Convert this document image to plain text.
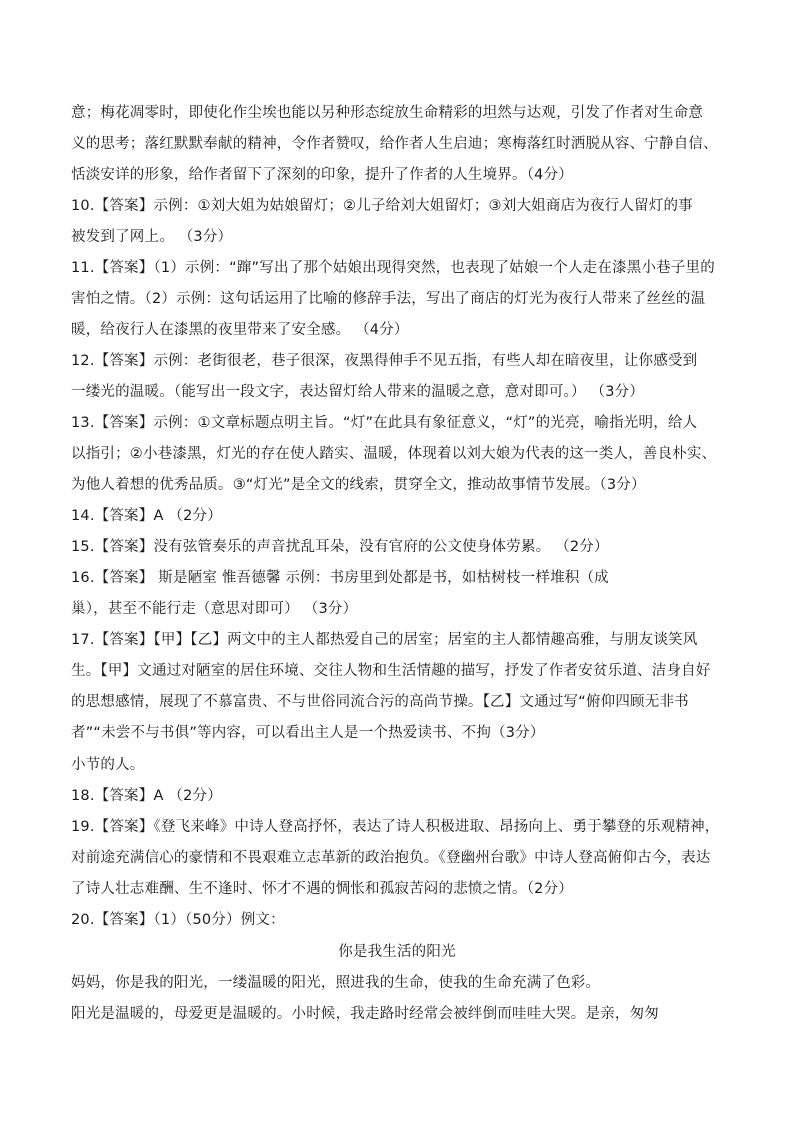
意；梅花凋零时，即使化作尘埃也能以另种形态绽放生命精彩的坦然与达观，引发了作者对生命意
义的思考；落红默默奉献的精神，令作者赞叹，给作者人生启迪；寒梅落红时洒脱从容、宁静自信、
恬淡安详的形象，给作者留下了深刻的印象，提升了作者的人生境界。（4分）
10.【答案】示例：①刘大姐为姑娘留灯；②儿子给刘大姐留灯；③刘大姐商店为夜行人留灯的事
被发到了网上。 （3分）
11.【答案】（1）示例：“蹿”写出了那个姑娘出现得突然，也表现了姑娘一个人走在漆黑小巷子里的
害怕之情。（2）示例：这句话运用了比喻的修辞手法，写出了商店的灯光为夜行人带来了丝丝的温
暖，给夜行人在漆黑的夜里带来了安全感。 （4分）
12.【答案】示例：老街很老，巷子很深，夜黑得伸手不见五指，有些人却在暗夜里，让你感受到
一缕光的温暖。（能写出一段文字，表达留灯给人带来的温暖之意，意对即可。） （3分）
13.【答案】示例：①文章标题点明主旨。“灯”在此具有象征意义，“灯”的光亮，喻指光明，给人
以指引；②小巷漆黑，灯光的存在使人踏实、温暖，体现着以刘大娘为代表的这一类人，善良朴实、
为他人着想的优秀品质。③“灯光”是全文的线索，贯穿全文，推动故事情节发展。（3分）
14.【答案】A （2分）
15.【答案】没有弦管奏乐的声音扰乱耳朵，没有官府的公文使身体劳累。 （2分）
16.【答案】 斯是陋室 惟吾德馨 示例：书房里到处都是书，如枯树枝一样堆积（成
巢），甚至不能行走（意思对即可） （3分）
17.【答案】【甲】【乙】两文中的主人都热爱自己的居室；居室的主人都情趣高雅，与朋友谈笑风
生。【甲】文通过对陋室的居住环境、交往人物和生活情趣的描写，抒发了作者安贫乐道、洁身自好
的思想感情，展现了不慕富贵、不与世俗同流合污的高尚节操。【乙】文通过写“俯仰四顾无非书
者”“未尝不与书俱”等内容，可以看出主人是一个热爱读书、不拘（3分）
小节的人。
18.【答案】A （2分）
19.【答案】《登飞来峰》中诗人登高抒怀，表达了诗人积极进取、昂扬向上、勇于攀登的乐观精神，
对前途充满信心的豪情和不畏艰难立志革新的政治抱负。《登幽州台歌》中诗人登高俯仰古今，表达
了诗人壮志难酬、生不逢时、怀才不遇的惆怅和孤寂苦闷的悲愤之情。（2分）
20.【答案】（1）（50分）例文：
你是我生活的阳光
妈妈，你是我的阳光，一缕温暖的阳光，照进我的生命，使我的生命充满了色彩。
阳光是温暖的，母爱更是温暖的。小时候，我走路时经常会被绊倒而哇哇大哭。是亲，匆匆
